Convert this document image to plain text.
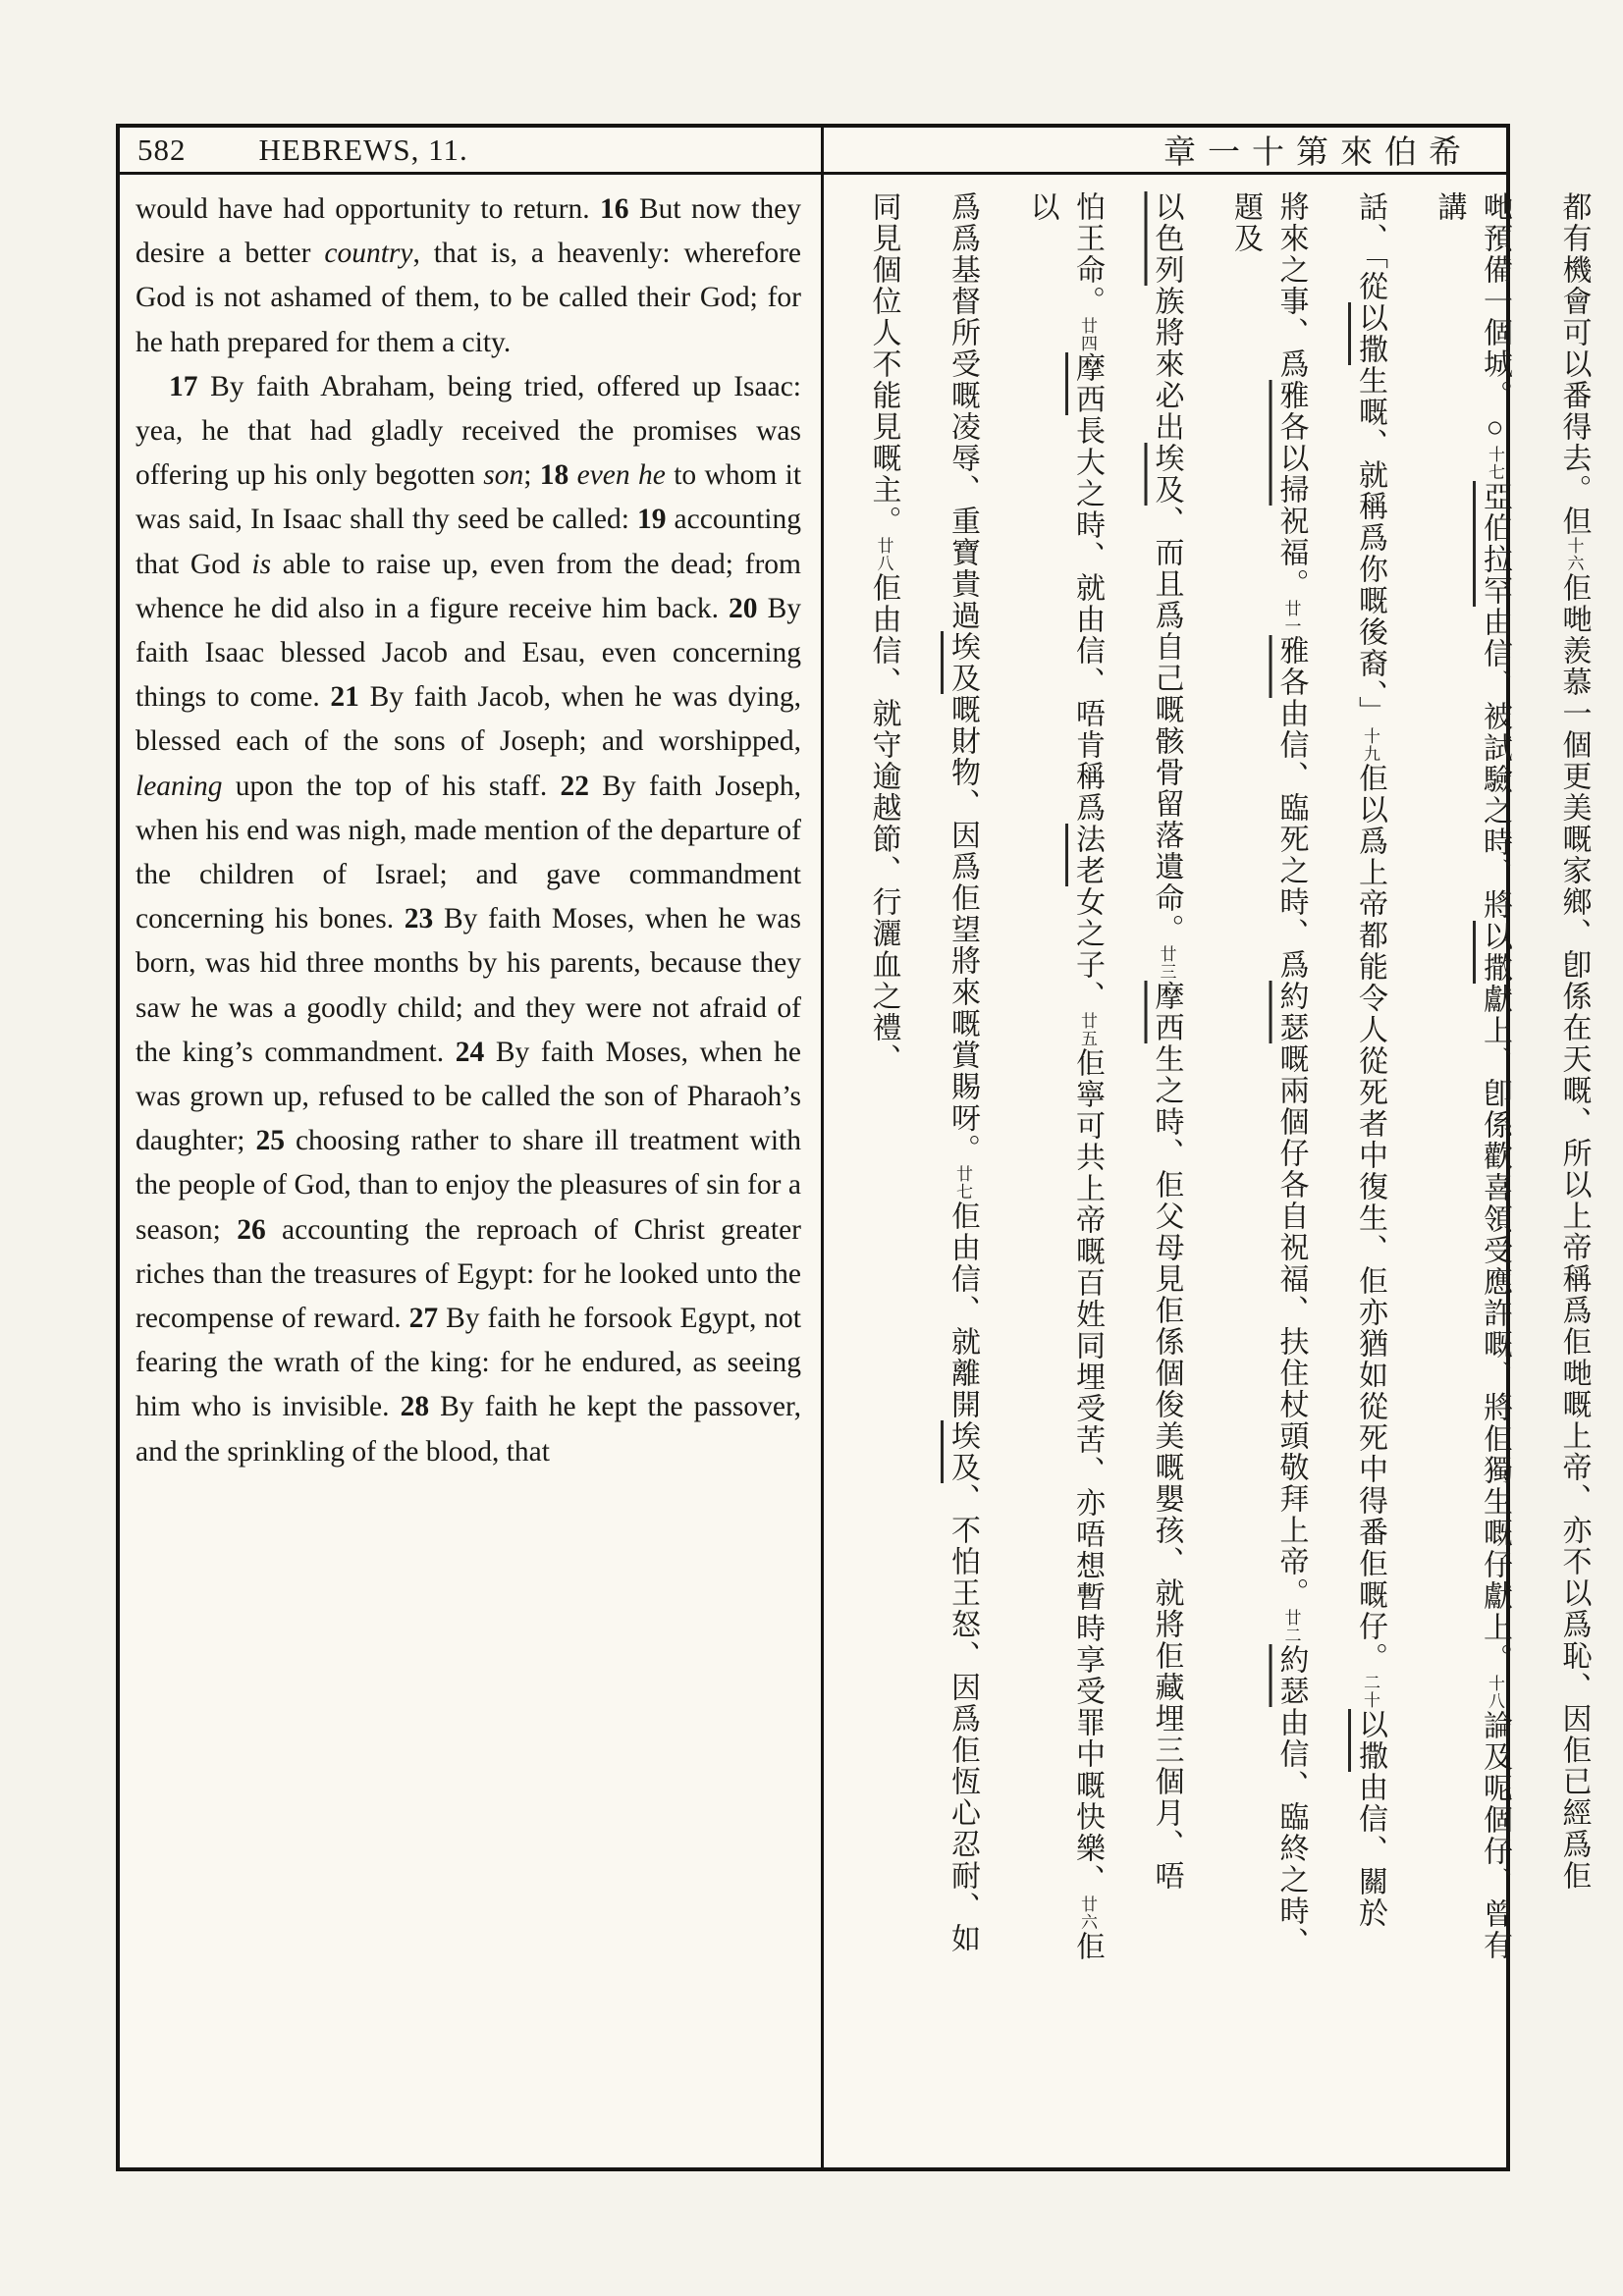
582 HEBREWS, 11.	章一十第來伯希

would have had opportunity to return. 16 But now they desire a better country, that is, a heavenly: wherefore God is not ashamed of them, to be called their God; for he hath prepared for them a city.

17 By faith Abraham, being tried, offered up Isaac: yea, he that had gladly received the promises was offering up his only begotten son; 18 even he to whom it was said, In Isaac shall thy seed be called: 19 accounting that God is able to raise up, even from the dead; from whence he did also in a figure receive him back. 20 By faith Isaac blessed Jacob and Esau, even concerning things to come. 21 By faith Jacob, when he was dying, blessed each of the sons of Joseph; and worshipped, leaning upon the top of his staff. 22 By faith Joseph, when his end was nigh, made mention of the departure of the children of Israel; and gave commandment concerning his bones. 23 By faith Moses, when he was born, was hid three months by his parents, because they saw he was a goodly child; and they were not afraid of the king’s commandment. 24 By faith Moses, when he was grown up, refused to be called the son of Pharaoh’s daughter; 25 choosing rather to share ill treatment with the people of God, than to enjoy the pleasures of sin for a season; 26 accounting the reproach of Christ greater riches than the treasures of Egypt: for he looked unto the recompense of reward. 27 By faith he forsook Egypt, not fearing the wrath of the king: for he endured, as seeing him who is invisible. 28 By faith he kept the passover, and the sprinkling of the blood, that

都有機會可以番得去。但十六佢哋羨慕一個更美嘅家鄉、卽係在天嘅、所以上帝稱爲佢哋嘅上帝、亦不以爲恥、因佢已經爲佢
哋預備一個城。○十七亞伯拉罕由信、被試驗之時、將以撒獻上、卽係歡喜領受應許嘅、將佢獨生嘅仔獻上。十八論及呢個仔、曾有講
話、「從以撒生嘅、就稱爲你嘅後裔、」十九佢以爲上帝都能令人從死者中復生、佢亦猶如從死中得番佢嘅仔。二十以撒由信、關於
將來之事、爲雅各以掃祝福。廿一雅各由信、臨死之時、爲約瑟嘅兩個仔各自祝福、扶住杖頭敬拜上帝。廿二約瑟由信、臨終之時、題及
以色列族將來必出埃及、而且爲自己嘅骸骨留落遺命。廿三摩西生之時、佢父母見佢係個俊美嘅嬰孩、就將佢藏埋三個月、唔
怕王命。廿四摩西長大之時、就由信、唔肯稱爲法老女之子、廿五佢寧可共上帝嘅百姓同埋受苦、亦唔想暫時享受罪中嘅快樂、廿六佢以
爲爲基督所受嘅凌辱、重寶貴過埃及嘅財物、因爲佢望將來嘅賞賜呀。廿七佢由信、就離開埃及、不怕王怒、因爲佢恆心忍耐、如
同見個位人不能見嘅主。廿八佢由信、就守逾越節、行灑血之禮、
